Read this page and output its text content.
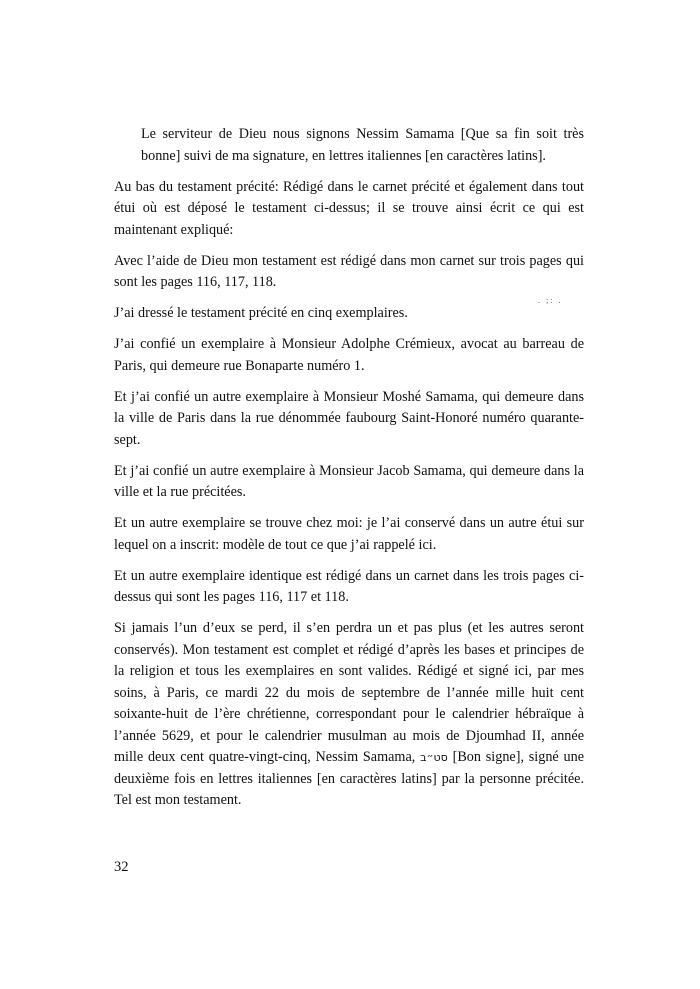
Le serviteur de Dieu nous signons Nessim Samama [Que sa fin soit très bonne] suivi de ma signature, en lettres italiennes [en caractères latins].

Au bas du testament précité: Rédigé dans le carnet précité et également dans tout étui où est déposé le testament ci-dessus; il se trouve ainsi écrit ce qui est maintenant expliqué:

Avec l’aide de Dieu mon testament est rédigé dans mon carnet sur trois pages qui sont les pages 116, 117, 118.

J’ai dressé le testament précité en cinq exemplaires.

J’ai confié un exemplaire à Monsieur Adolphe Crémieux, avocat au barreau de Paris, qui demeure rue Bonaparte numéro 1.

Et j’ai confié un autre exemplaire à Monsieur Moshé Samama, qui demeure dans la ville de Paris dans la rue dénommée faubourg Saint-Honoré numéro quarante-sept.

Et j’ai confié un autre exemplaire à Monsieur Jacob Samama, qui demeure dans la ville et la rue précitées.

Et un autre exemplaire se trouve chez moi: je l’ai conservé dans un autre étui sur lequel on a inscrit: modèle de tout ce que j’ai rappelé ici.

Et un autre exemplaire identique est rédigé dans un carnet dans les trois pages ci-dessus qui sont les pages 116, 117 et 118.

Si jamais l’un d’eux se perd, il s’en perdra un et pas plus (et les autres seront conservés). Mon testament est complet et rédigé d’après les bases et principes de la religion et tous les exemplaires en sont valides. Rédigé et signé ici, par mes soins, à Paris, ce mardi 22 du mois de septembre de l’année mille huit cent soixante-huit de l’ère chrétienne, correspondant pour le calendrier hébraïque à l’année 5629, et pour le calendrier musulman au mois de Djoumhad II, année mille deux cent quatre-vingt-cinq, Nessim Samama, סט״ב [Bon signe], signé une deuxième fois en lettres italiennes [en caractères latins] par la personne précitée. Tel est mon testament.

. ;: .
32
